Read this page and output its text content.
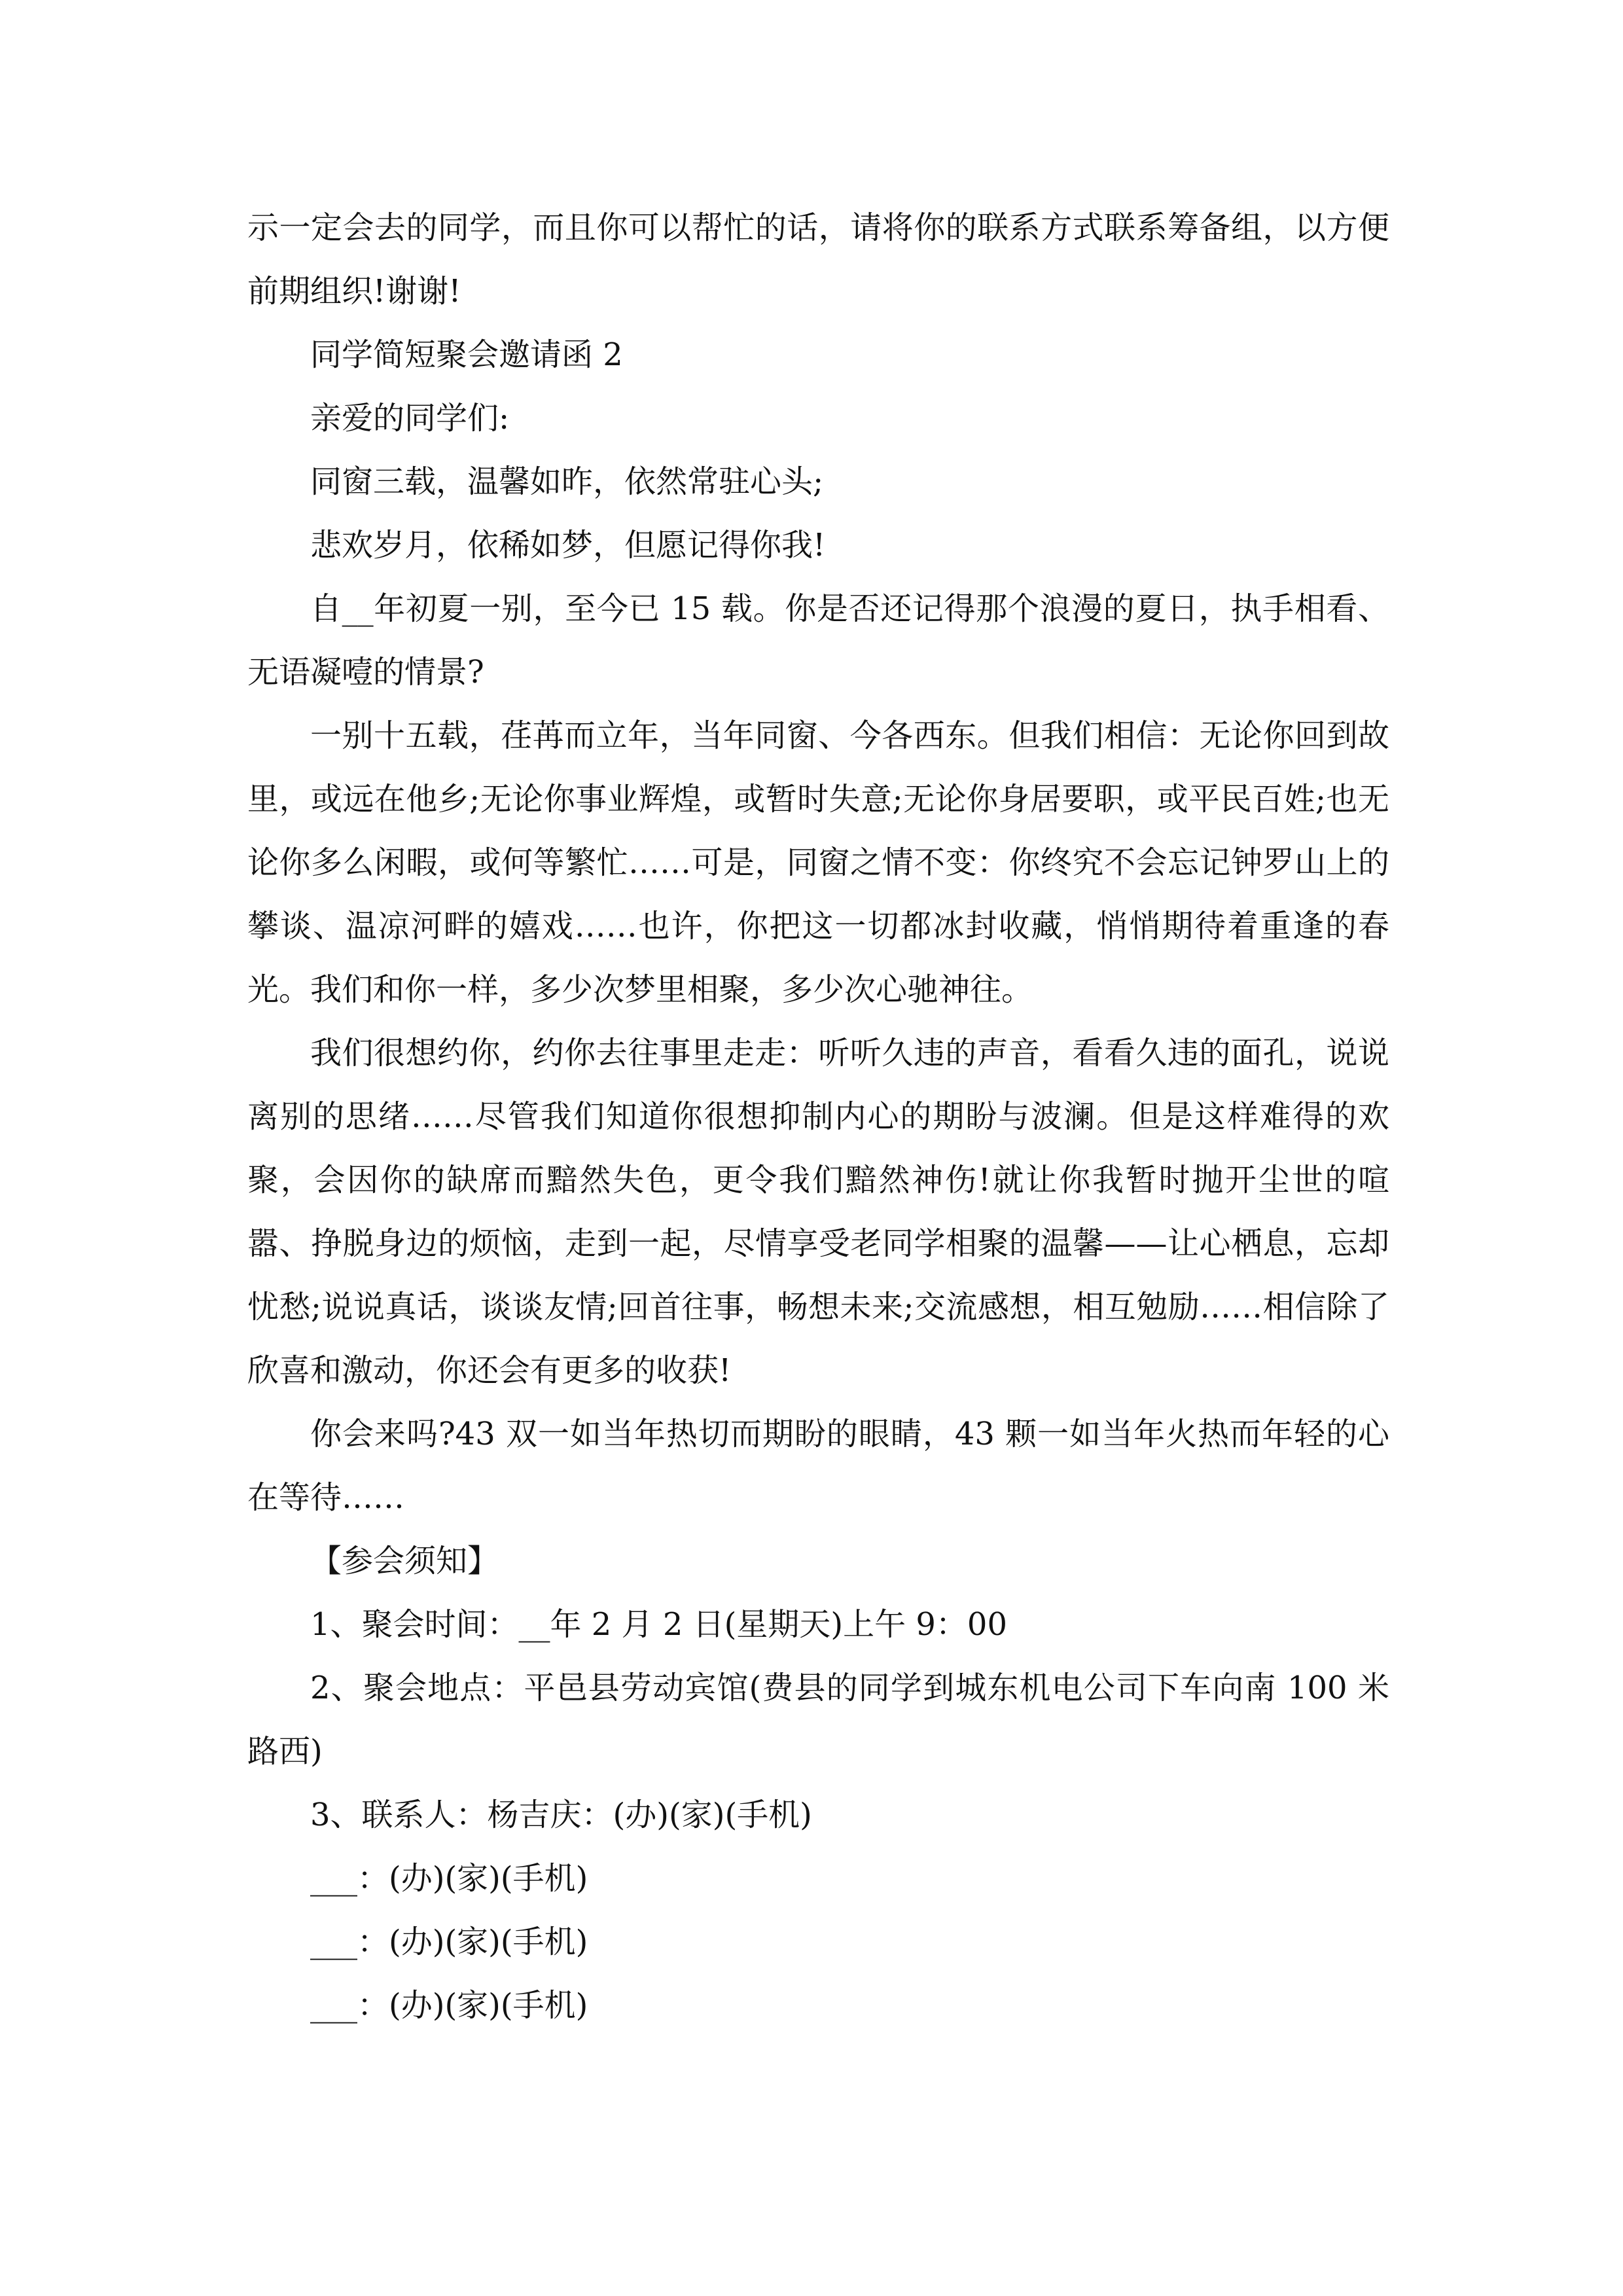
示一定会去的同学，而且你可以帮忙的话，请将你的联系方式联系筹备组，以方便前期组织!谢谢!

同学简短聚会邀请函 2

亲爱的同学们:

同窗三载，温馨如昨，依然常驻心头;

悲欢岁月，依稀如梦，但愿记得你我!

自__年初夏一别，至今已 15 载。你是否还记得那个浪漫的夏日，执手相看、无语凝噎的情景?

一别十五载，荏苒而立年，当年同窗、今各西东。但我们相信：无论你回到故里，或远在他乡;无论你事业辉煌，或暂时失意;无论你身居要职，或平民百姓;也无论你多么闲暇，或何等繁忙……可是，同窗之情不变：你终究不会忘记钟罗山上的攀谈、温凉河畔的嬉戏……也许，你把这一切都冰封收藏，悄悄期待着重逢的春光。我们和你一样，多少次梦里相聚，多少次心驰神往。

我们很想约你，约你去往事里走走：听听久违的声音，看看久违的面孔，说说离别的思绪……尽管我们知道你很想抑制内心的期盼与波澜。但是这样难得的欢聚，会因你的缺席而黯然失色，更令我们黯然神伤!就让你我暂时抛开尘世的喧嚣、挣脱身边的烦恼，走到一起，尽情享受老同学相聚的温馨——让心栖息，忘却忧愁;说说真话，谈谈友情;回首往事，畅想未来;交流感想，相互勉励……相信除了欣喜和激动，你还会有更多的收获!

你会来吗?43 双一如当年热切而期盼的眼睛，43 颗一如当年火热而年轻的心在等待……

【参会须知】

1、聚会时间：__年 2 月 2 日(星期天)上午 9：00

2、聚会地点：平邑县劳动宾馆(费县的同学到城东机电公司下车向南 100 米路西)

3、联系人：杨吉庆：(办)(家)(手机)

___：(办)(家)(手机)

___：(办)(家)(手机)

___：(办)(家)(手机)
